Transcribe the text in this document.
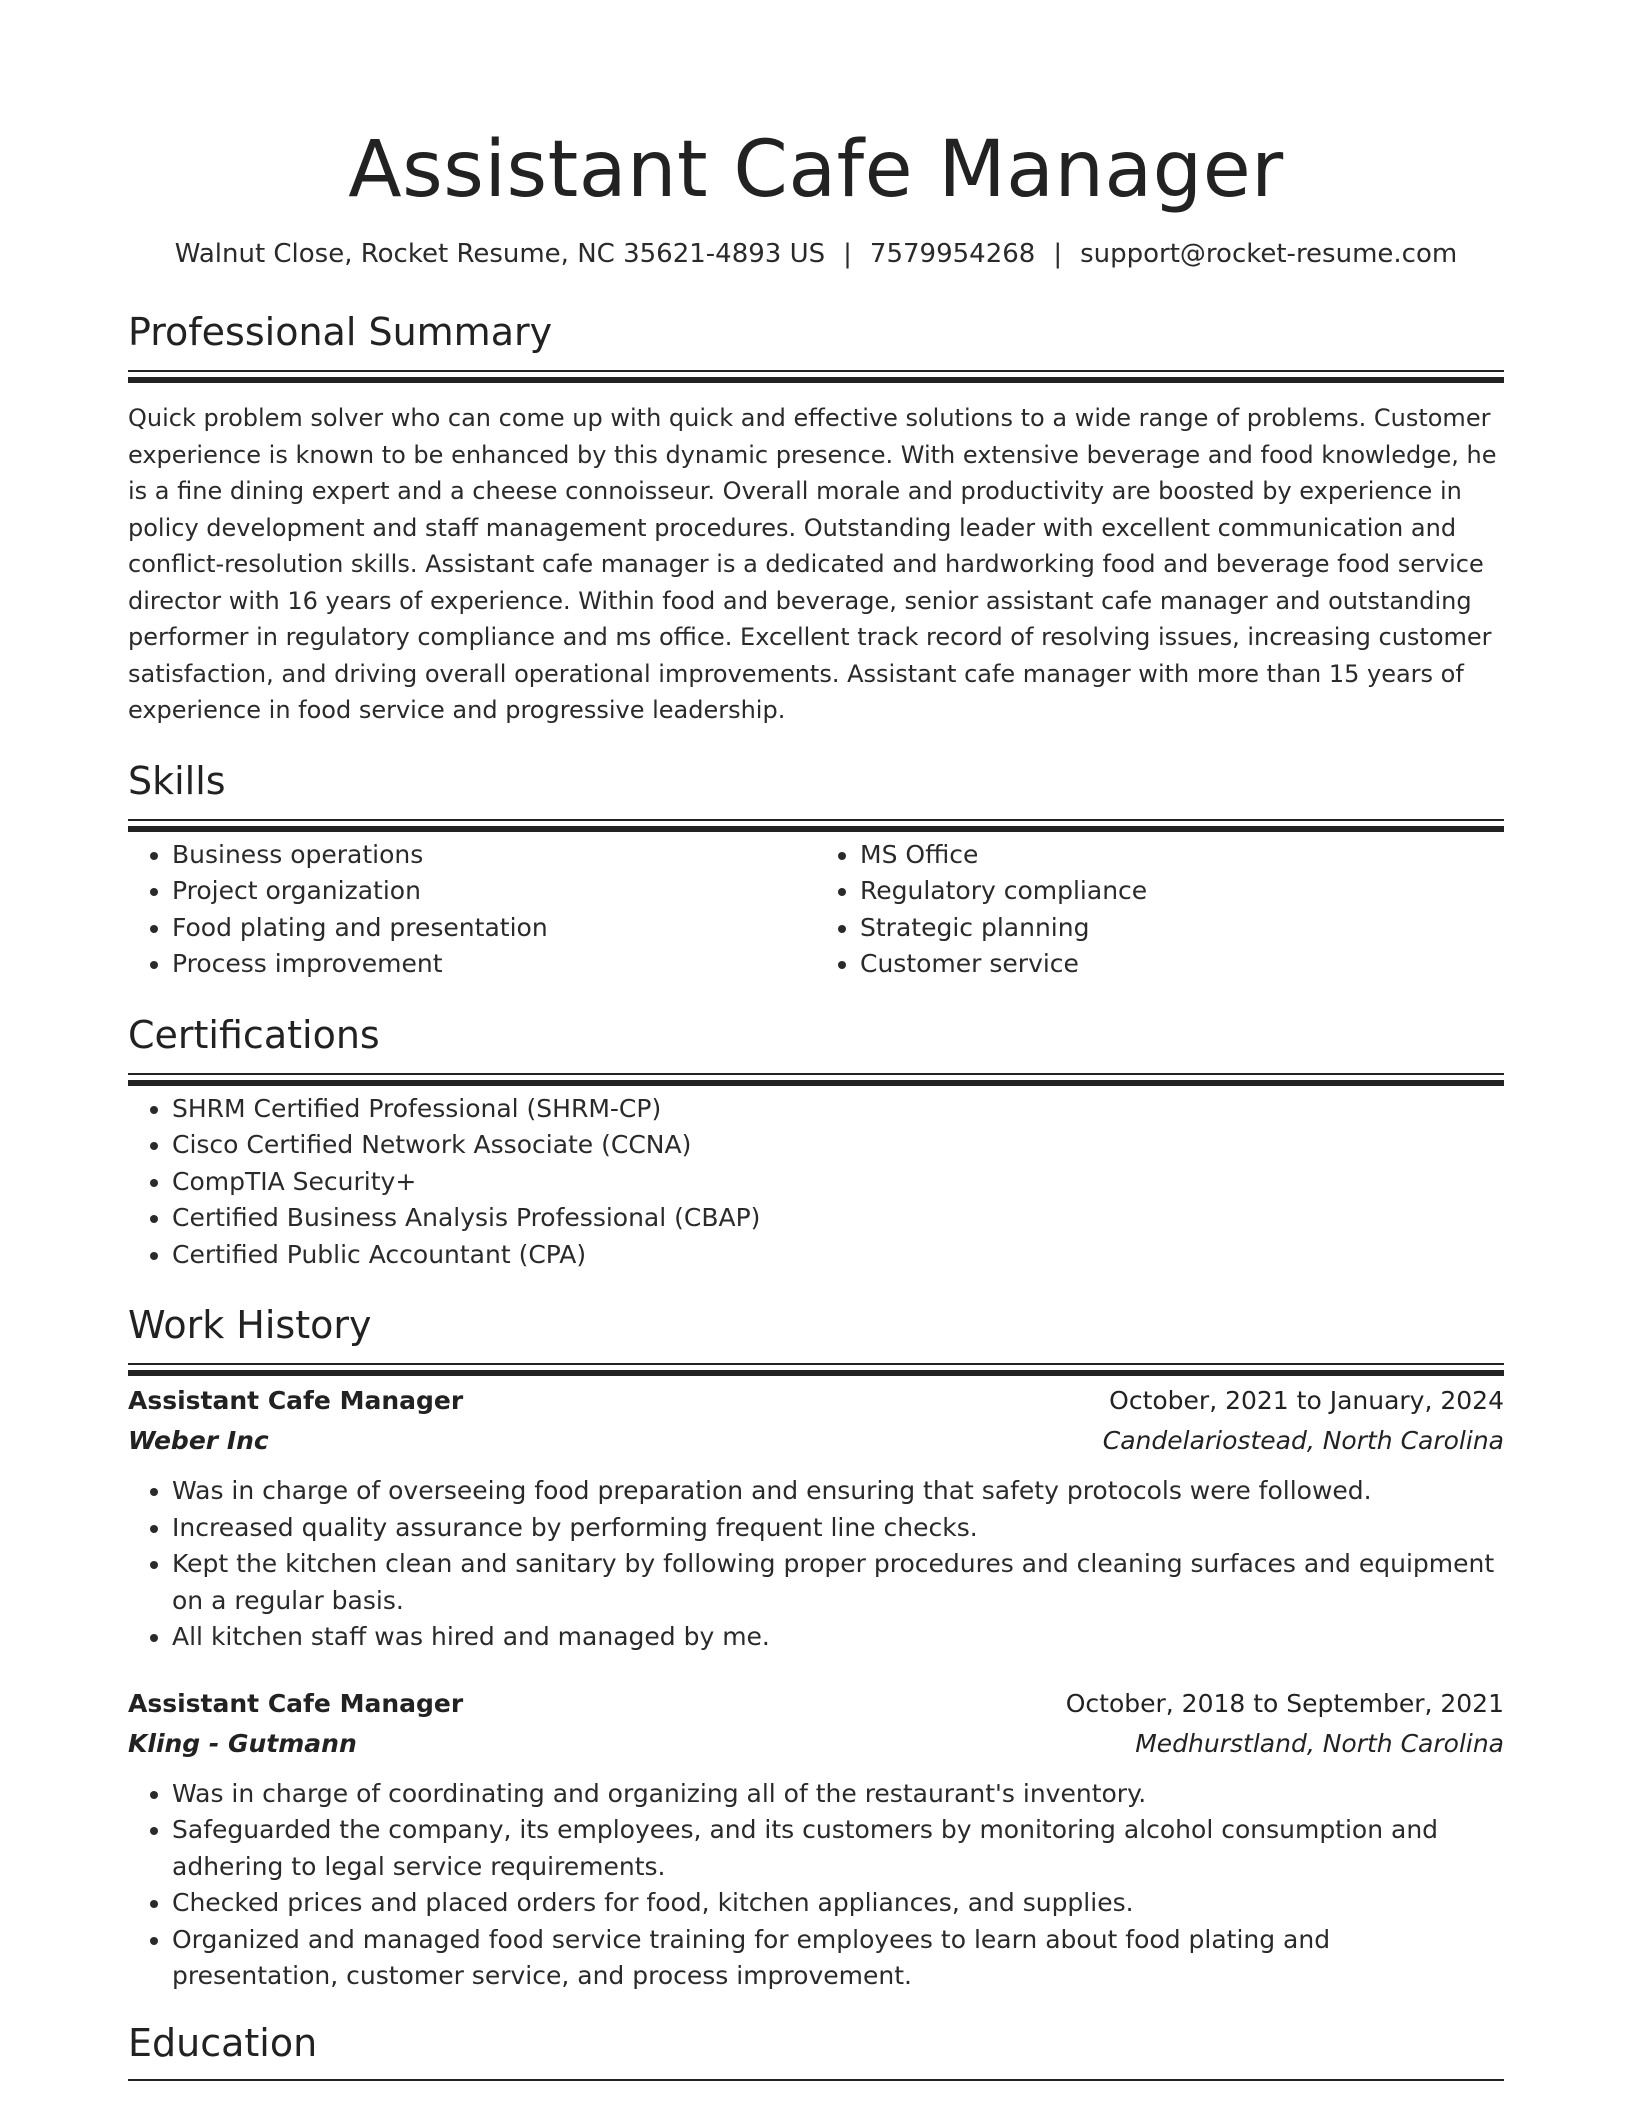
Assistant Cafe Manager
Walnut Close, Rocket Resume, NC 35621-4893 US | 7579954268 | support@rocket-resume.com
Professional Summary
Quick problem solver who can come up with quick and effective solutions to a wide range of problems. Customer experience is known to be enhanced by this dynamic presence. With extensive beverage and food knowledge, he is a fine dining expert and a cheese connoisseur. Overall morale and productivity are boosted by experience in policy development and staff management procedures. Outstanding leader with excellent communication and conflict-resolution skills. Assistant cafe manager is a dedicated and hardworking food and beverage food service director with 16 years of experience. Within food and beverage, senior assistant cafe manager and outstanding performer in regulatory compliance and ms office. Excellent track record of resolving issues, increasing customer satisfaction, and driving overall operational improvements. Assistant cafe manager with more than 15 years of experience in food service and progressive leadership.
Skills
• Business operations
• Project organization
• Food plating and presentation
• Process improvement
• MS Office
• Regulatory compliance
• Strategic planning
• Customer service
Certifications
• SHRM Certified Professional (SHRM-CP)
• Cisco Certified Network Associate (CCNA)
• CompTIA Security+
• Certified Business Analysis Professional (CBAP)
• Certified Public Accountant (CPA)
Work History
Assistant Cafe Manager	October, 2021 to January, 2024
Weber Inc	Candelariostead, North Carolina
• Was in charge of overseeing food preparation and ensuring that safety protocols were followed.
• Increased quality assurance by performing frequent line checks.
• Kept the kitchen clean and sanitary by following proper procedures and cleaning surfaces and equipment on a regular basis.
• All kitchen staff was hired and managed by me.
Assistant Cafe Manager	October, 2018 to September, 2021
Kling - Gutmann	Medhurstland, North Carolina
• Was in charge of coordinating and organizing all of the restaurant's inventory.
• Safeguarded the company, its employees, and its customers by monitoring alcohol consumption and adhering to legal service requirements.
• Checked prices and placed orders for food, kitchen appliances, and supplies.
• Organized and managed food service training for employees to learn about food plating and presentation, customer service, and process improvement.
Education
